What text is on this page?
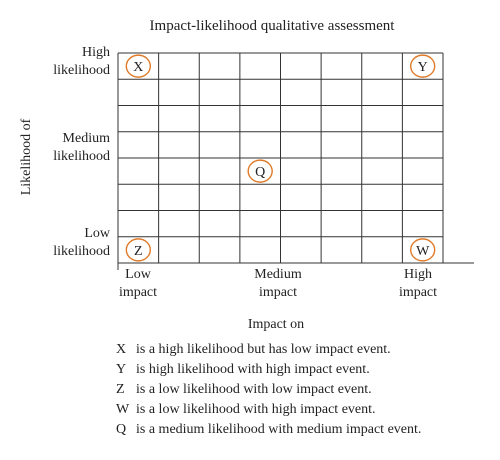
Impact-likelihood qualitative assessment
Likelihood of
High likelihood
Medium likelihood
Low likelihood
Low impact
Medium impact
High impact
X	Y
Q
Z	W
Impact on
X is a high likelihood but has low impact event.
Y is high likelihood with high impact event.
Z is a low likelihood with low impact event.
W is a low likelihood with high impact event.
Q is a medium likelihood with medium impact event.
